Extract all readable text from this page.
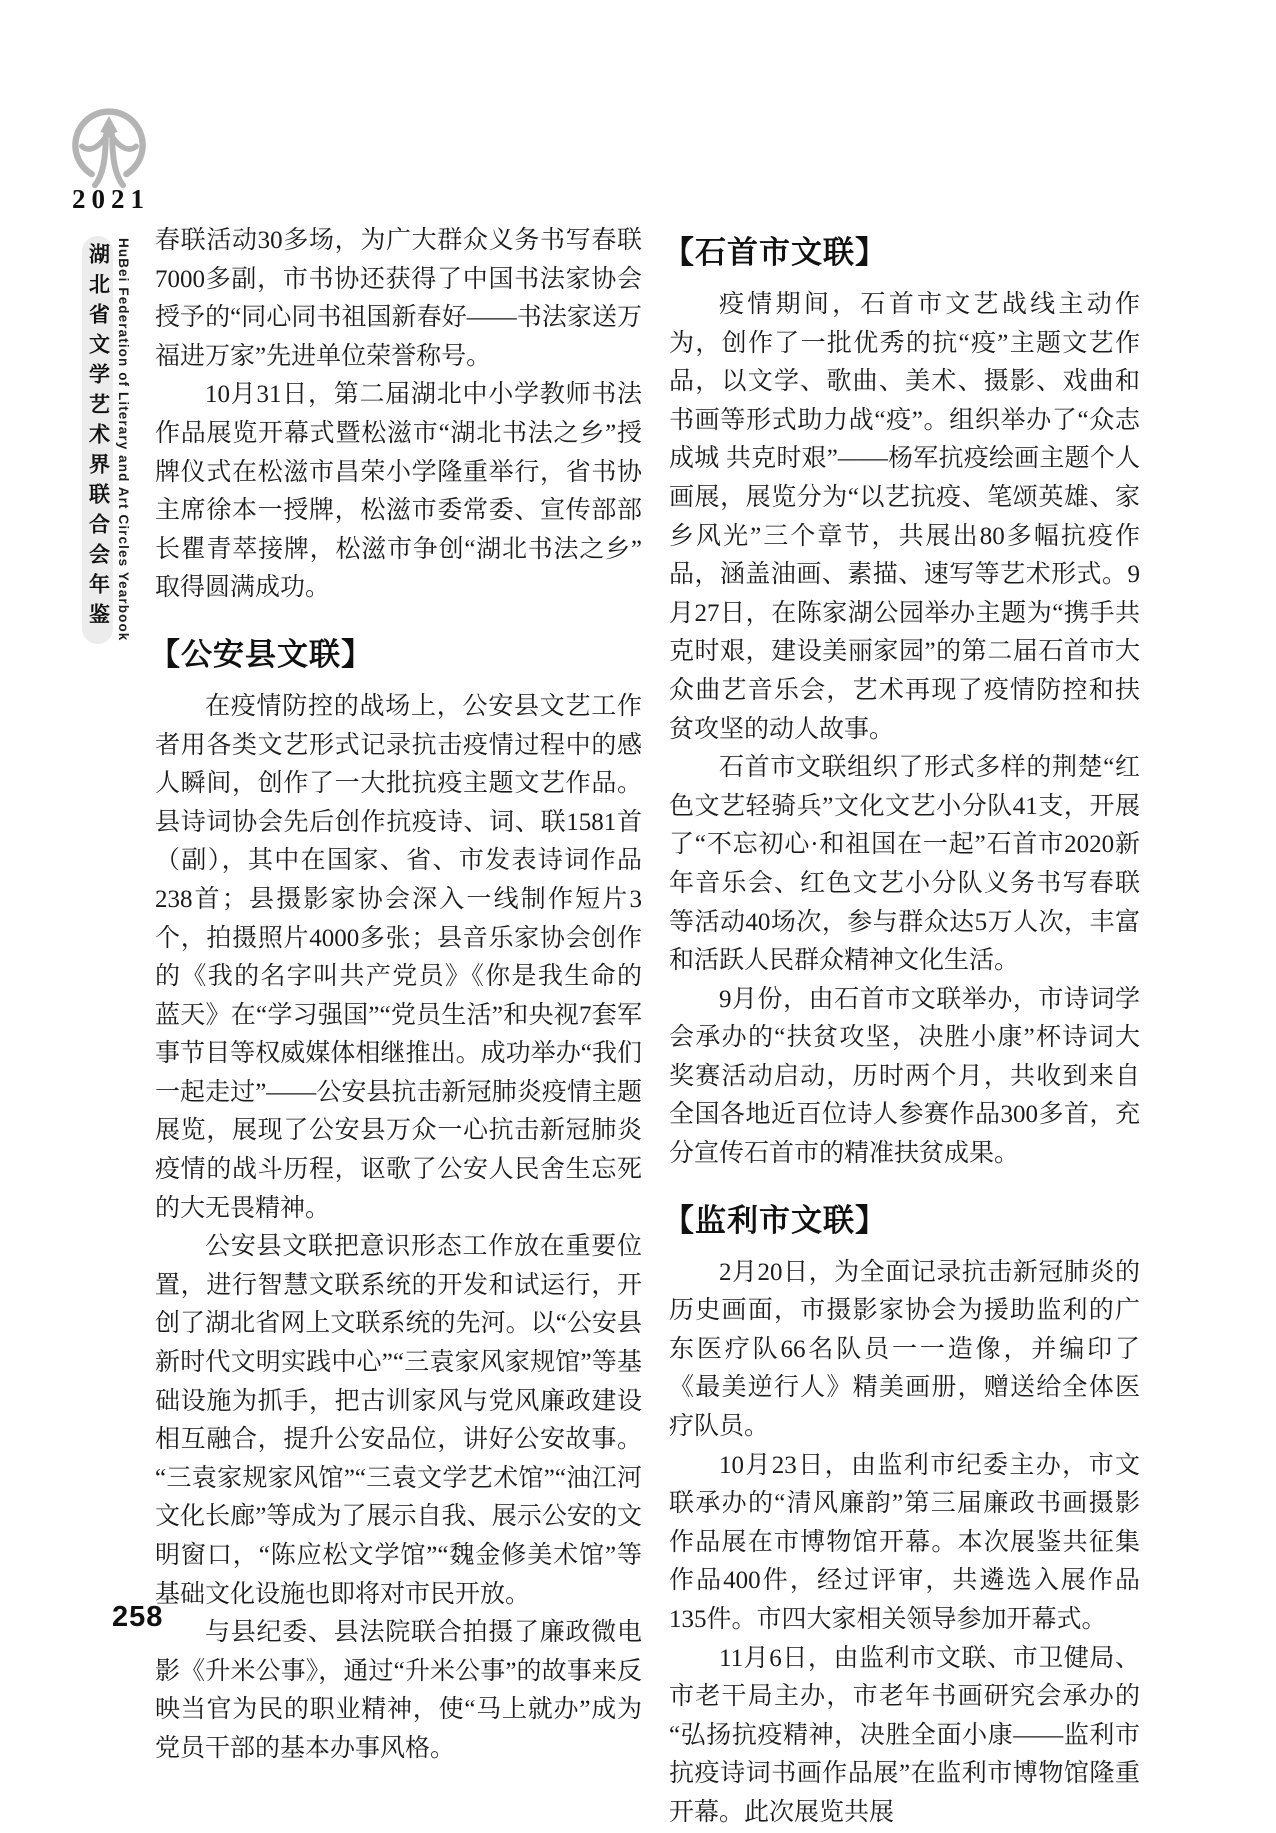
2021
湖北省文学艺术界联合会年鉴 HuBei Federation of Literary and Art Circles Yearbook 春联活动30多场，为广大群众义务书写春联7000多副，市书协还获得了中国书法家协会授予的“同心同书祖国新春好——书法家送万福进万家”先进单位荣誉称号。

10月31日，第二届湖北中小学教师书法作品展览开幕式暨松滋市“湖北书法之乡”授牌仪式在松滋市昌荣小学隆重举行，省书协主席徐本一授牌，松滋市委常委、宣传部部长瞿青萃接牌，松滋市争创“湖北书法之乡”取得圆满成功。

【公安县文联】

在疫情防控的战场上，公安县文艺工作者用各类文艺形式记录抗击疫情过程中的感人瞬间，创作了一大批抗疫主题文艺作品。县诗词协会先后创作抗疫诗、词、联1581首（副），其中在国家、省、市发表诗词作品238首；县摄影家协会深入一线制作短片3个，拍摄照片4000多张；县音乐家协会创作的《我的名字叫共产党员》《你是我生命的蓝天》在“学习强国”“党员生活”和央视7套军事节目等权威媒体相继推出。成功举办“我们一起走过”——公安县抗击新冠肺炎疫情主题展览，展现了公安县万众一心抗击新冠肺炎疫情的战斗历程，讴歌了公安人民舍生忘死的大无畏精神。

公安县文联把意识形态工作放在重要位置，进行智慧文联系统的开发和试运行，开创了湖北省网上文联系统的先河。以“公安县新时代文明实践中心”“三袁家风家规馆”等基础设施为抓手，把古训家风与党风廉政建设相互融合，提升公安品位，讲好公安故事。“三袁家规家风馆”“三袁文学艺术馆”“油江河文化长廊”等成为了展示自我、展示公安的文明窗口，“陈应松文学馆”“魏金修美术馆”等基础文化设施也即将对市民开放。

与县纪委、县法院联合拍摄了廉政微电影《升米公事》，通过“升米公事”的故事来反映当官为民的职业精神，使“马上就办”成为党员干部的基本办事风格。

【石首市文联】

疫情期间，石首市文艺战线主动作为，创作了一批优秀的抗“疫”主题文艺作品，以文学、歌曲、美术、摄影、戏曲和书画等形式助力战“疫”。组织举办了“众志成城 共克时艰”——杨军抗疫绘画主题个人画展，展览分为“以艺抗疫、笔颂英雄、家乡风光”三个章节，共展出80多幅抗疫作品，涵盖油画、素描、速写等艺术形式。9月27日，在陈家湖公园举办主题为“携手共克时艰，建设美丽家园”的第二届石首市大众曲艺音乐会，艺术再现了疫情防控和扶贫攻坚的动人故事。

石首市文联组织了形式多样的荆楚“红色文艺轻骑兵”文化文艺小分队41支，开展了“不忘初心·和祖国在一起”石首市2020新年音乐会、红色文艺小分队义务书写春联等活动40场次，参与群众达5万人次，丰富和活跃人民群众精神文化生活。

9月份，由石首市文联举办，市诗词学会承办的“扶贫攻坚，决胜小康”杯诗词大奖赛活动启动，历时两个月，共收到来自全国各地近百位诗人参赛作品300多首，充分宣传石首市的精准扶贫成果。

【监利市文联】

2月20日，为全面记录抗击新冠肺炎的历史画面，市摄影家协会为援助监利的广东医疗队66名队员一一造像，并编印了《最美逆行人》精美画册，赠送给全体医疗队员。

10月23日，由监利市纪委主办，市文联承办的“清风廉韵”第三届廉政书画摄影作品展在市博物馆开幕。本次展鉴共征集作品400件，经过评审，共遴选入展作品135件。市四大家相关领导参加开幕式。

11月6日，由监利市文联、市卫健局、市老干局主办，市老年书画研究会承办的“弘扬抗疫精神，决胜全面小康——监利市抗疫诗词书画作品展”在监利市博物馆隆重开幕。此次展览共展

258
